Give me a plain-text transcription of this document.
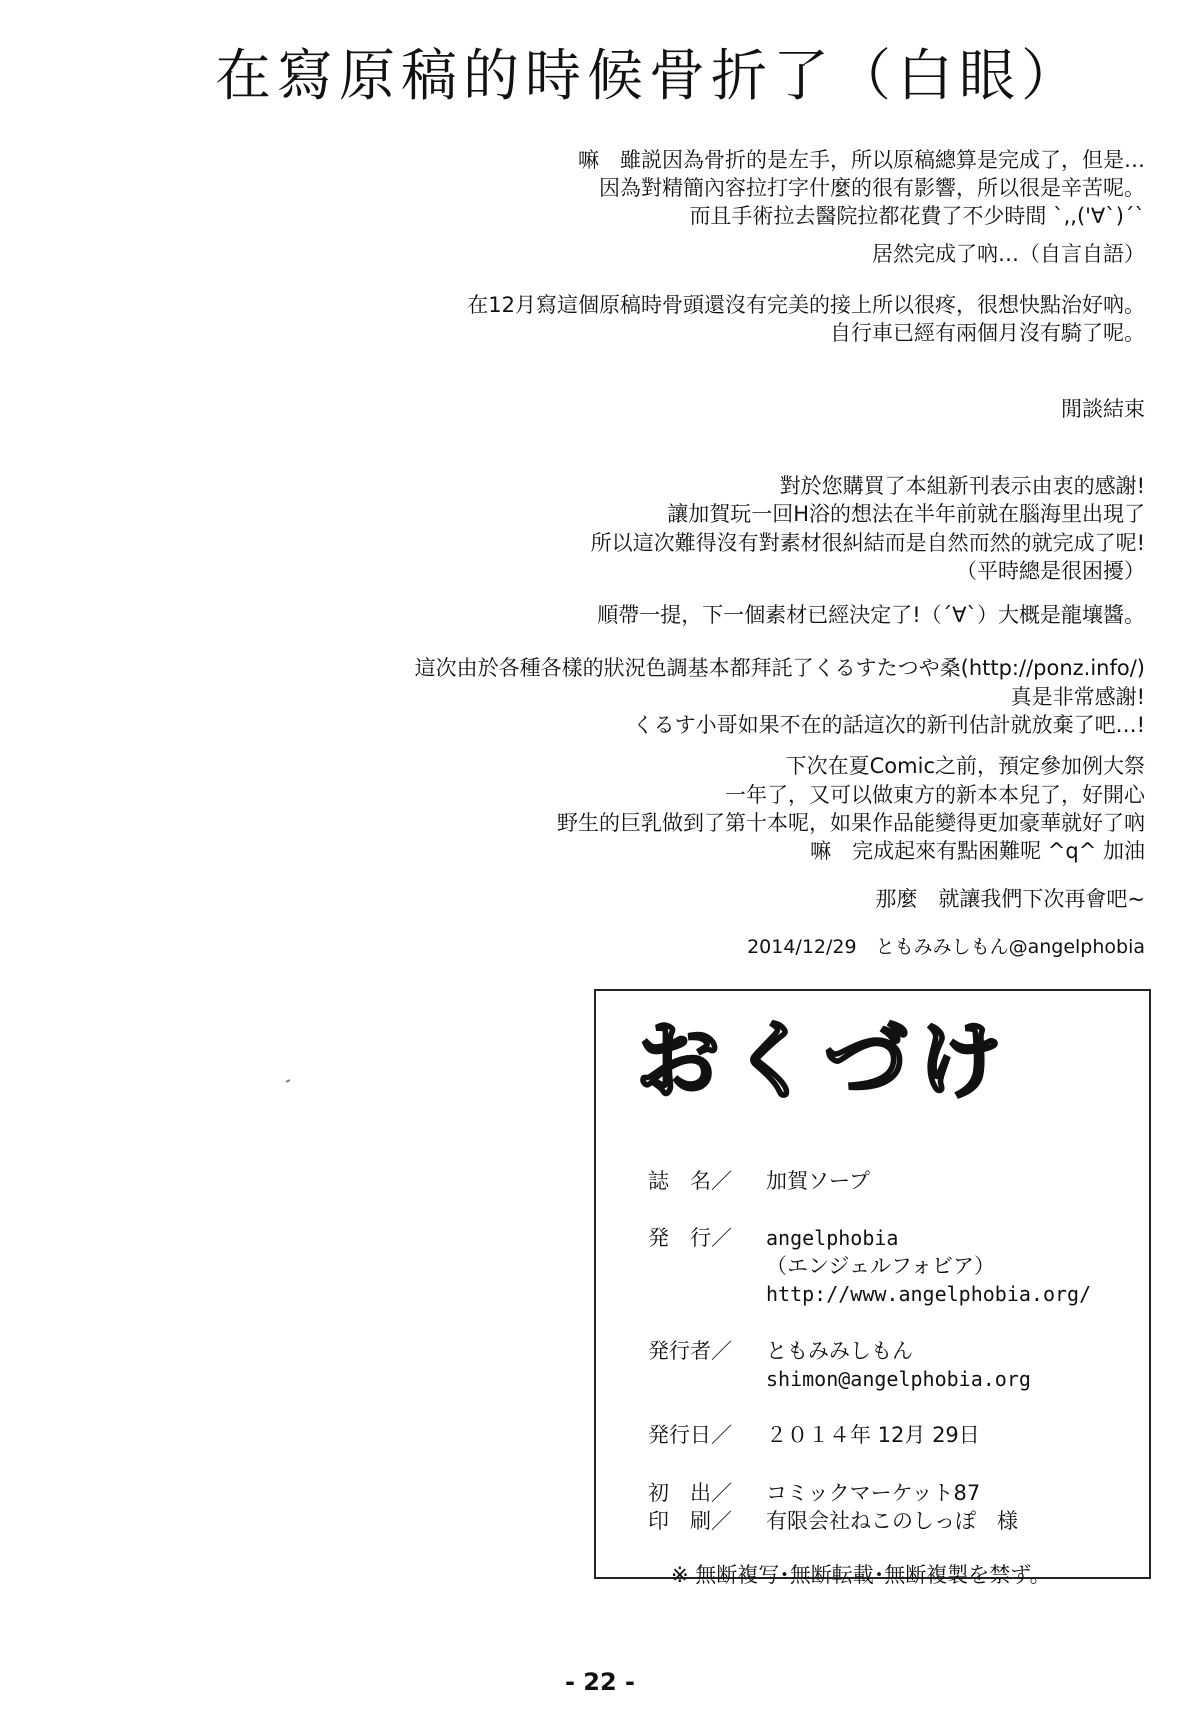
在寫原稿的時候骨折了（白眼）
嘛　雖説因為骨折的是左手，所以原稿總算是完成了，但是…
因為對精簡內容拉打字什麼的很有影響，所以很是辛苦呢。
而且手術拉去醫院拉都花費了不少時間 ˋ,,('∀`)ˊˋ
居然完成了吶…（自言自語）
在12月寫這個原稿時骨頭還沒有完美的接上所以很疼，很想快點治好吶。
自行車已經有兩個月沒有騎了呢。
閒談結束
對於您購買了本組新刊表示由衷的感謝!
讓加賀玩一回H浴的想法在半年前就在腦海里出現了
所以這次難得沒有對素材很糾結而是自然而然的就完成了呢!
（平時總是很困擾）
順帶一提，下一個素材已經決定了!（´∀`）大概是龍壤醬。
這次由於各種各樣的狀況色調基本都拜託了くるすたつや桑(http://ponz.info/)
真是非常感謝!
くるす小哥如果不在的話這次的新刊估計就放棄了吧…!
下次在夏Comic之前，預定參加例大祭
一年了，又可以做東方的新本本兒了，好開心
野生的巨乳做到了第十本呢，如果作品能變得更加豪華就好了吶
嘛　完成起來有點困難呢 ^q^ 加油
那麼　就讓我們下次再會吧~
2014/12/29　ともみみしもん@angelphobia
おくづけ
誌　名／ 加賀ソープ
発　行／ angelphobia
（エンジェルフォビア）
http://www.angelphobia.org/
発行者／ ともみみしもん
shimon@angelphobia.org
発行日／ ２０１４年 12月 29日
初　出／ コミックマーケット87
印　刷／ 有限会社ねこのしっぽ　様
※ 無断複写･無断転載･無断複製を禁ず。
- 22 -
